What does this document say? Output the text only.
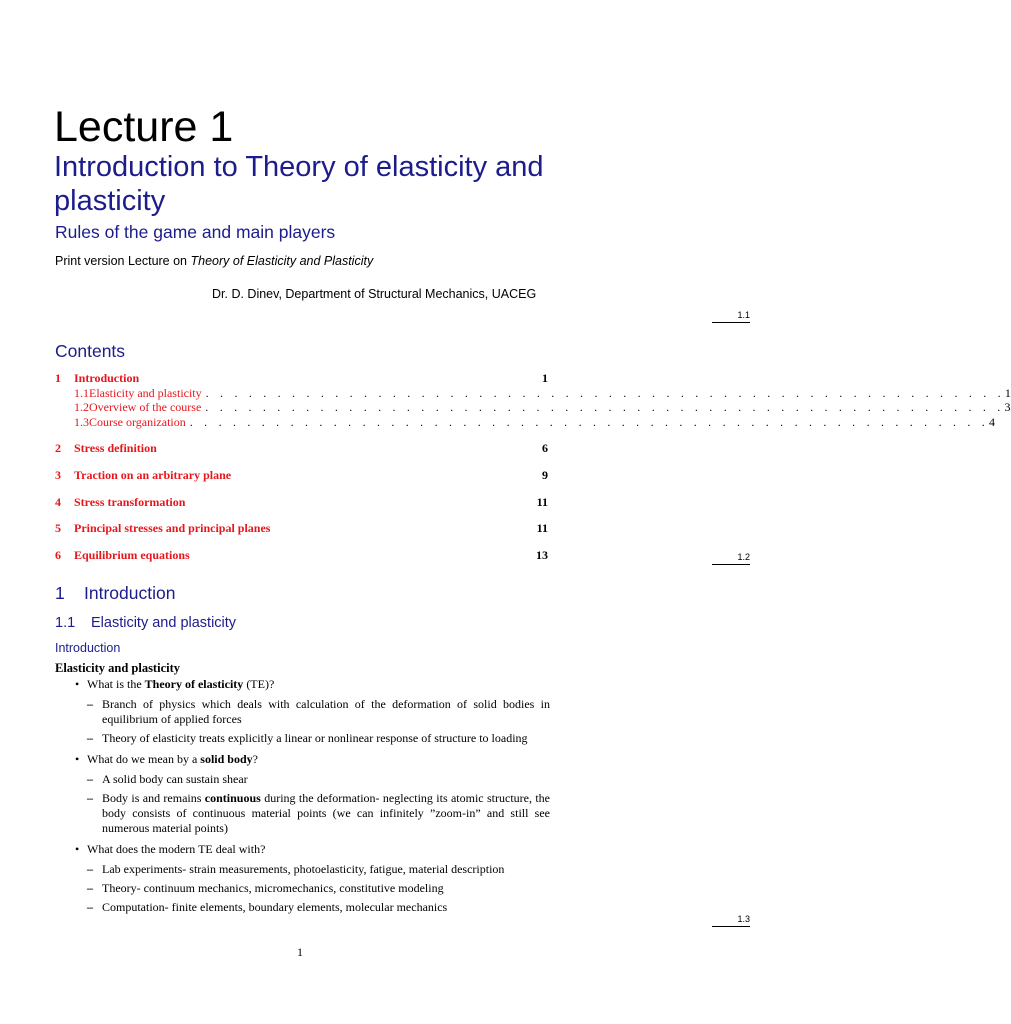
Lecture 1
Introduction to Theory of elasticity and plasticity
Rules of the game and main players
Print version Lecture on Theory of Elasticity and Plasticity
Dr. D. Dinev, Department of Structural Mechanics, UACEG
1.1
1.2
1.3
Contents
1	Introduction	1
1.1 Elasticity and plasticity . . . . . . . . . . . . . . . . . . . . . . . . . . . . . . . . . . . . . . . . . . . . . . . . . . . . . . . . 1
1.2 Overview of the course . . . . . . . . . . . . . . . . . . . . . . . . . . . . . . . . . . . . . . . . . . . . . . . . . . . . . . . . 3
1.3 Course organization . . . . . . . . . . . . . . . . . . . . . . . . . . . . . . . . . . . . . . . . . . . . . . . . . . . . . . . . 4
2	Stress definition	6
3	Traction on an arbitrary plane	9
4	Stress transformation	11
5	Principal stresses and principal planes	11
6	Equilibrium equations	13
1 Introduction
1.1 Elasticity and plasticity
Introduction
Elasticity and plasticity
• What is the Theory of elasticity (TE)?
– Branch of physics which deals with calculation of the deformation of solid bodies in equilibrium of applied forces
– Theory of elasticity treats explicitly a linear or nonlinear response of structure to loading
• What do we mean by a solid body?
– A solid body can sustain shear
– Body is and remains continuous during the deformation- neglecting its atomic structure, the body consists of continuous material points (we can infinitely ”zoom-in” and still see numerous material points)
• What does the modern TE deal with?
– Lab experiments- strain measurements, photoelasticity, fatigue, material description
– Theory- continuum mechanics, micromechanics, constitutive modeling
– Computation- finite elements, boundary elements, molecular mechanics
1
